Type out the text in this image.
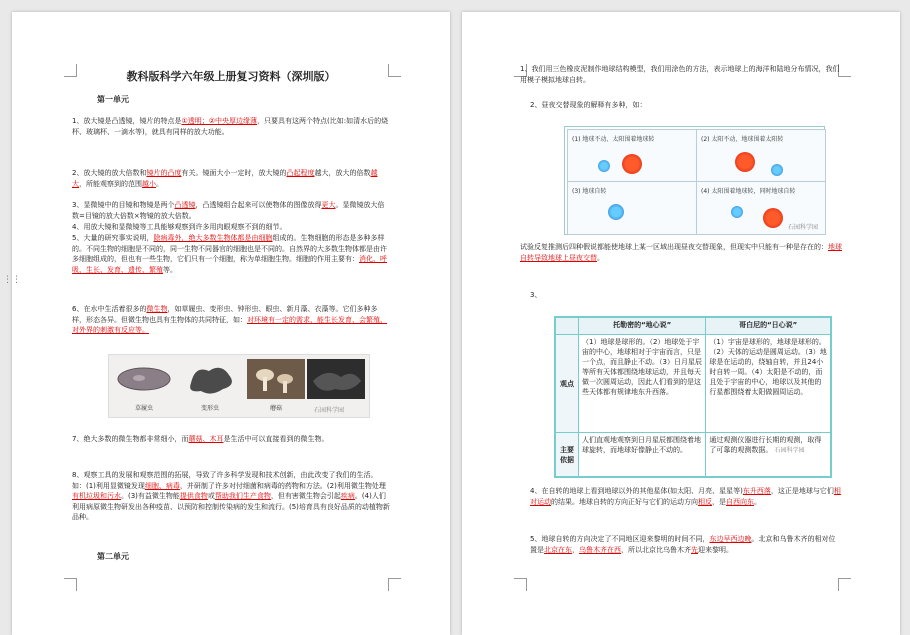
⋮⋮
教科版科学六年级上册复习资料（深圳版）
第一单元
1、放大镜是凸透镜，镜片的特点是①透明；②中央厚边缘薄，只要具有这两个特点(比如:如清水后的烧杯、玻璃杯、一滴水等)，就具有同样的放大功能。
2、放大镜的放大倍数和镜片的凸度有关。镜面大小一定时，放大镜的凸起程度越大，放大的倍数越大，所能观察到的范围越小。
3、显微镜中的目镜和物镜是两个凸透镜，凸透镜组合起来可以使物体的图像放得更大。显微镜放大倍数=目镜的放大倍数×物镜的放大倍数。
4、用放大镜和显微镜等工具能够观察到许多用肉眼观察不到的细节。
5、大量的研究事实说明，除病毒外，绝大多数生物体都是由细胞组成的。生物细胞的形态是多种多样的。不同生物的细胞是不同的，同一生物不同器官的细胞也是不同的。自然界的大多数生物体都是由许多细胞组成的，但也有一些生物，它们只有一个细胞，称为单细胞生物。细胞的作用主要有：消化、呼吸、生长、发育、遗传、繁殖等。
6、在水中生活着很多的微生物，如草履虫、变形虫、钟形虫、眼虫、新月藻、衣藻等。它们多种多样，形态各异。但微生物也具有生物体的共同特征，如：对环境有一定的需求、能生长发育、会繁殖、对外界的刺激有反应等。
草履虫	变形虫	蘑菇	石园科学园
7、绝大多数的微生物都非常细小，而蘑菇、木耳是生活中可以直接看到的微生物。
8、观察工具的发展和观察范围的拓展，导致了许多科学发现和技术创新，由此改变了我们的生活。如：(1)利用显微镜发现细胞、病毒，并研制了许多对付细菌和病毒的药物和方法。(2)利用微生物处理有机垃圾和污水。(3)有益微生物能提供食物或帮助我们生产食物，但有害微生物会引起疾病。(4)人们利用病原微生物研发出各种疫苗、以预防和控制传染病的发生和流行。(5)培育具有良好品质的动植物新品种。
第二单元
1、我们用三色橡皮泥制作地球结构模型，我们用涂色的方法，表示地球上的海洋和陆地分布情况，我们用模子模拟地球自转。
2、昼夜交替现象的解释有多种，如：
(1) 地球不动、太阳围着地球转	(2) 太阳不动、地球围着太阳转
(3) 地球自转	(4) 太阳围着地球转，同时地球自转
石园科学园
试验反复推测后四种假说都能使地球上某一区域出现昼夜交替现象，但现实中只能有一种是存在的：地球自转导致地球上昼夜交替。
3、
	托勒密的“地心说”	哥白尼的“日心说”
观点	（1）地球是球形的。（2）地球处于宇宙的中心，地球相对于宇宙而言，只是一个点，而且静止不动。（3）日月星辰等所有天体都围绕地球运动，并且每天做一次圆周运动，因此人们看到的是这些天体都有规律地东升西落。	（1）宇宙是球形的，地球是球形的。（2）天体的运动是圆周运动。（3）地球是在运动的，绕轴自转，并且24小时自转一周。（4）太阳是不动的，而且处于宇宙的中心，地球以及其他的行星都围绕着太阳做圆周运动。
主要依据	人们直观地观察到日月星辰都围绕着地球旋转，而地球好像静止不动的。	通过观测仪器进行长期的观测，取得了可靠的观测数据。 石园科学园
4、在自转的地球上看到地球以外的其他星体(如太阳、月亮、星星等)东升西落，这正是地球与它们相对运动的结果。地球自转的方向正好与它们的运动方向相反，是自西向东。
5、地球自转的方向决定了不同地区迎来黎明的时间不同，东边早西边晚。北京和乌鲁木齐的相对位置是北京在东，乌鲁木齐在西，所以北京比乌鲁木齐先迎来黎明。
